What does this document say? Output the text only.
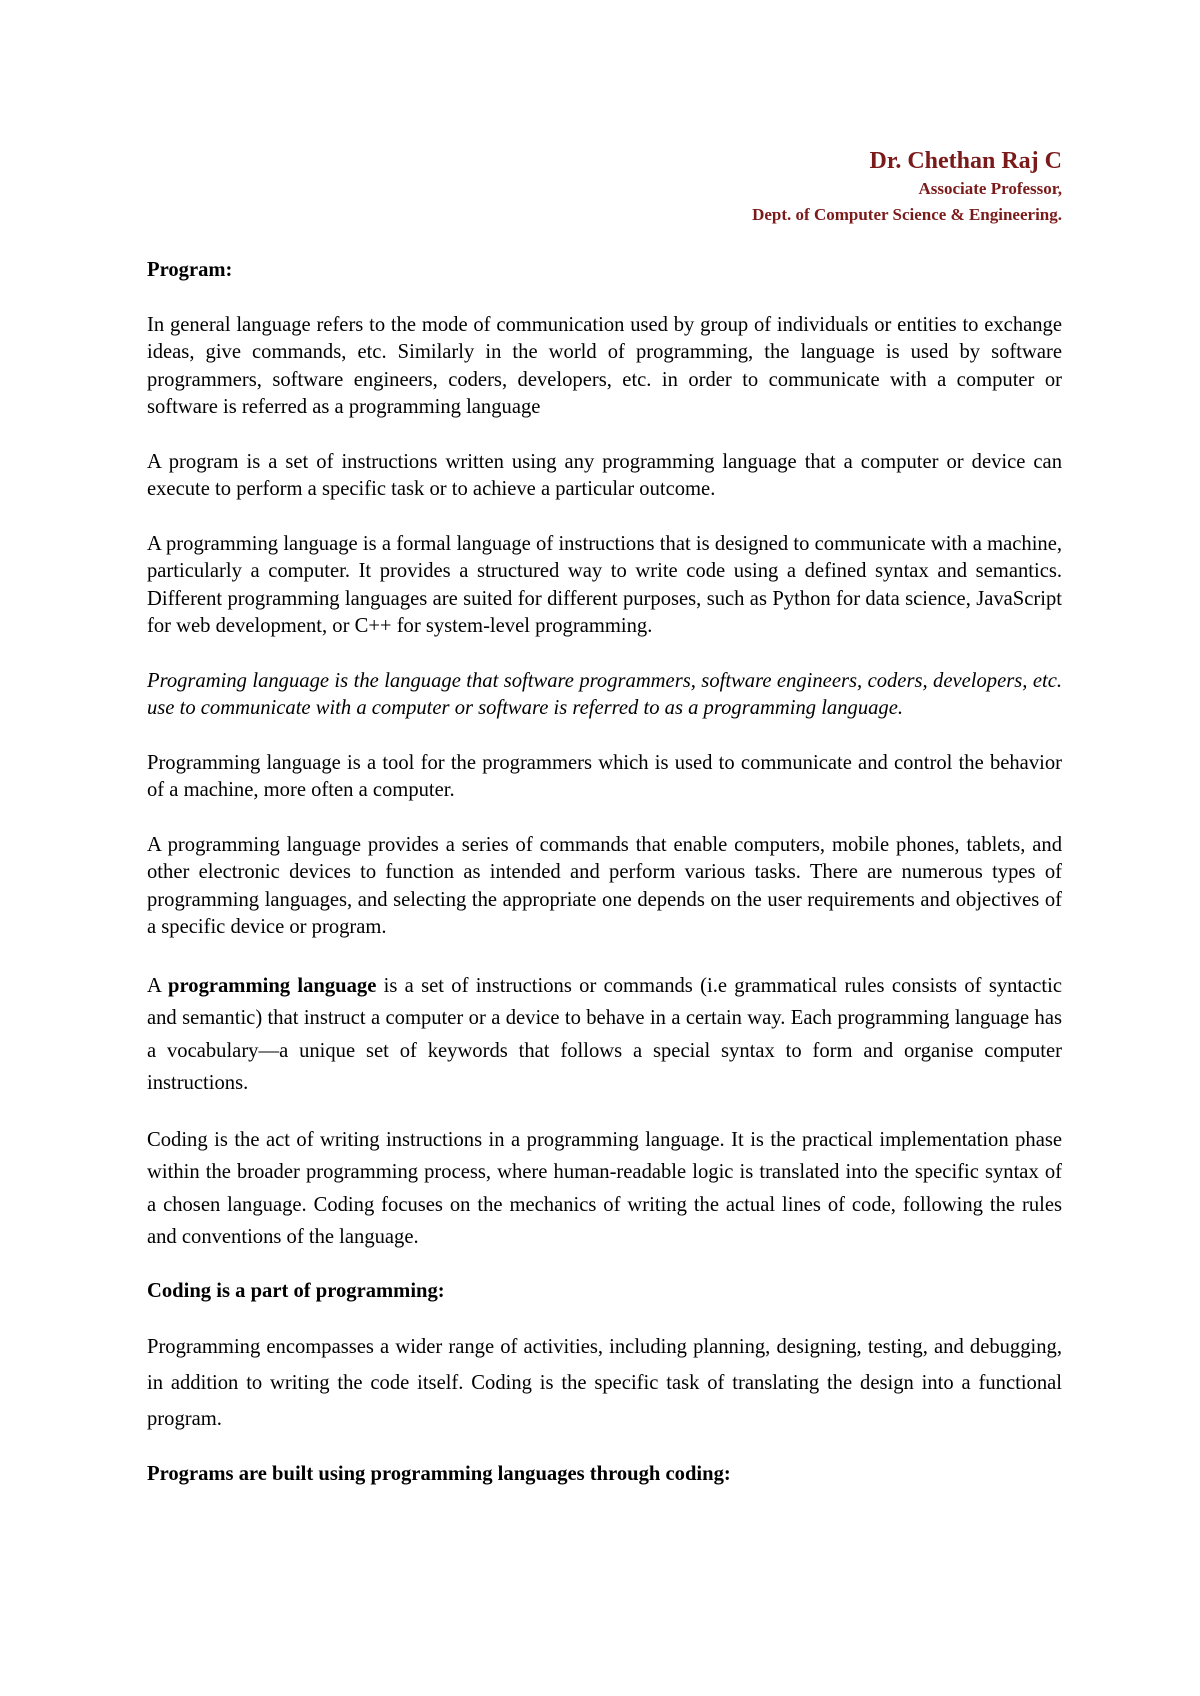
Dr. Chethan Raj C
Associate Professor,
Dept. of Computer Science & Engineering.

Program:

In general language refers to the mode of communication used by group of individuals or entities to exchange ideas, give commands, etc. Similarly in the world of programming, the language is used by software programmers, software engineers, coders, developers, etc. in order to communicate with a computer or software is referred as a programming language

A program is a set of instructions written using any programming language that a computer or device can execute to perform a specific task or to achieve a particular outcome.

A programming language is a formal language of instructions that is designed to communicate with a machine, particularly a computer. It provides a structured way to write code using a defined syntax and semantics. Different programming languages are suited for different purposes, such as Python for data science, JavaScript for web development, or C++ for system-level programming.

Programing language is the language that software programmers, software engineers, coders, developers, etc. use to communicate with a computer or software is referred to as a programming language.

Programming language is a tool for the programmers which is used to communicate and control the behavior of a machine, more often a computer.

A programming language provides a series of commands that enable computers, mobile phones, tablets, and other electronic devices to function as intended and perform various tasks. There are numerous types of programming languages, and selecting the appropriate one depends on the user requirements and objectives of a specific device or program.

A programming language is a set of instructions or commands (i.e grammatical rules consists of syntactic and semantic) that instruct a computer or a device to behave in a certain way. Each programming language has a vocabulary—a unique set of keywords that follows a special syntax to form and organise computer instructions.

Coding is the act of writing instructions in a programming language. It is the practical implementation phase within the broader programming process, where human-readable logic is translated into the specific syntax of a chosen language. Coding focuses on the mechanics of writing the actual lines of code, following the rules and conventions of the language.

Coding is a part of programming:

Programming encompasses a wider range of activities, including planning, designing, testing, and debugging, in addition to writing the code itself. Coding is the specific task of translating the design into a functional program.

Programs are built using programming languages through coding:
